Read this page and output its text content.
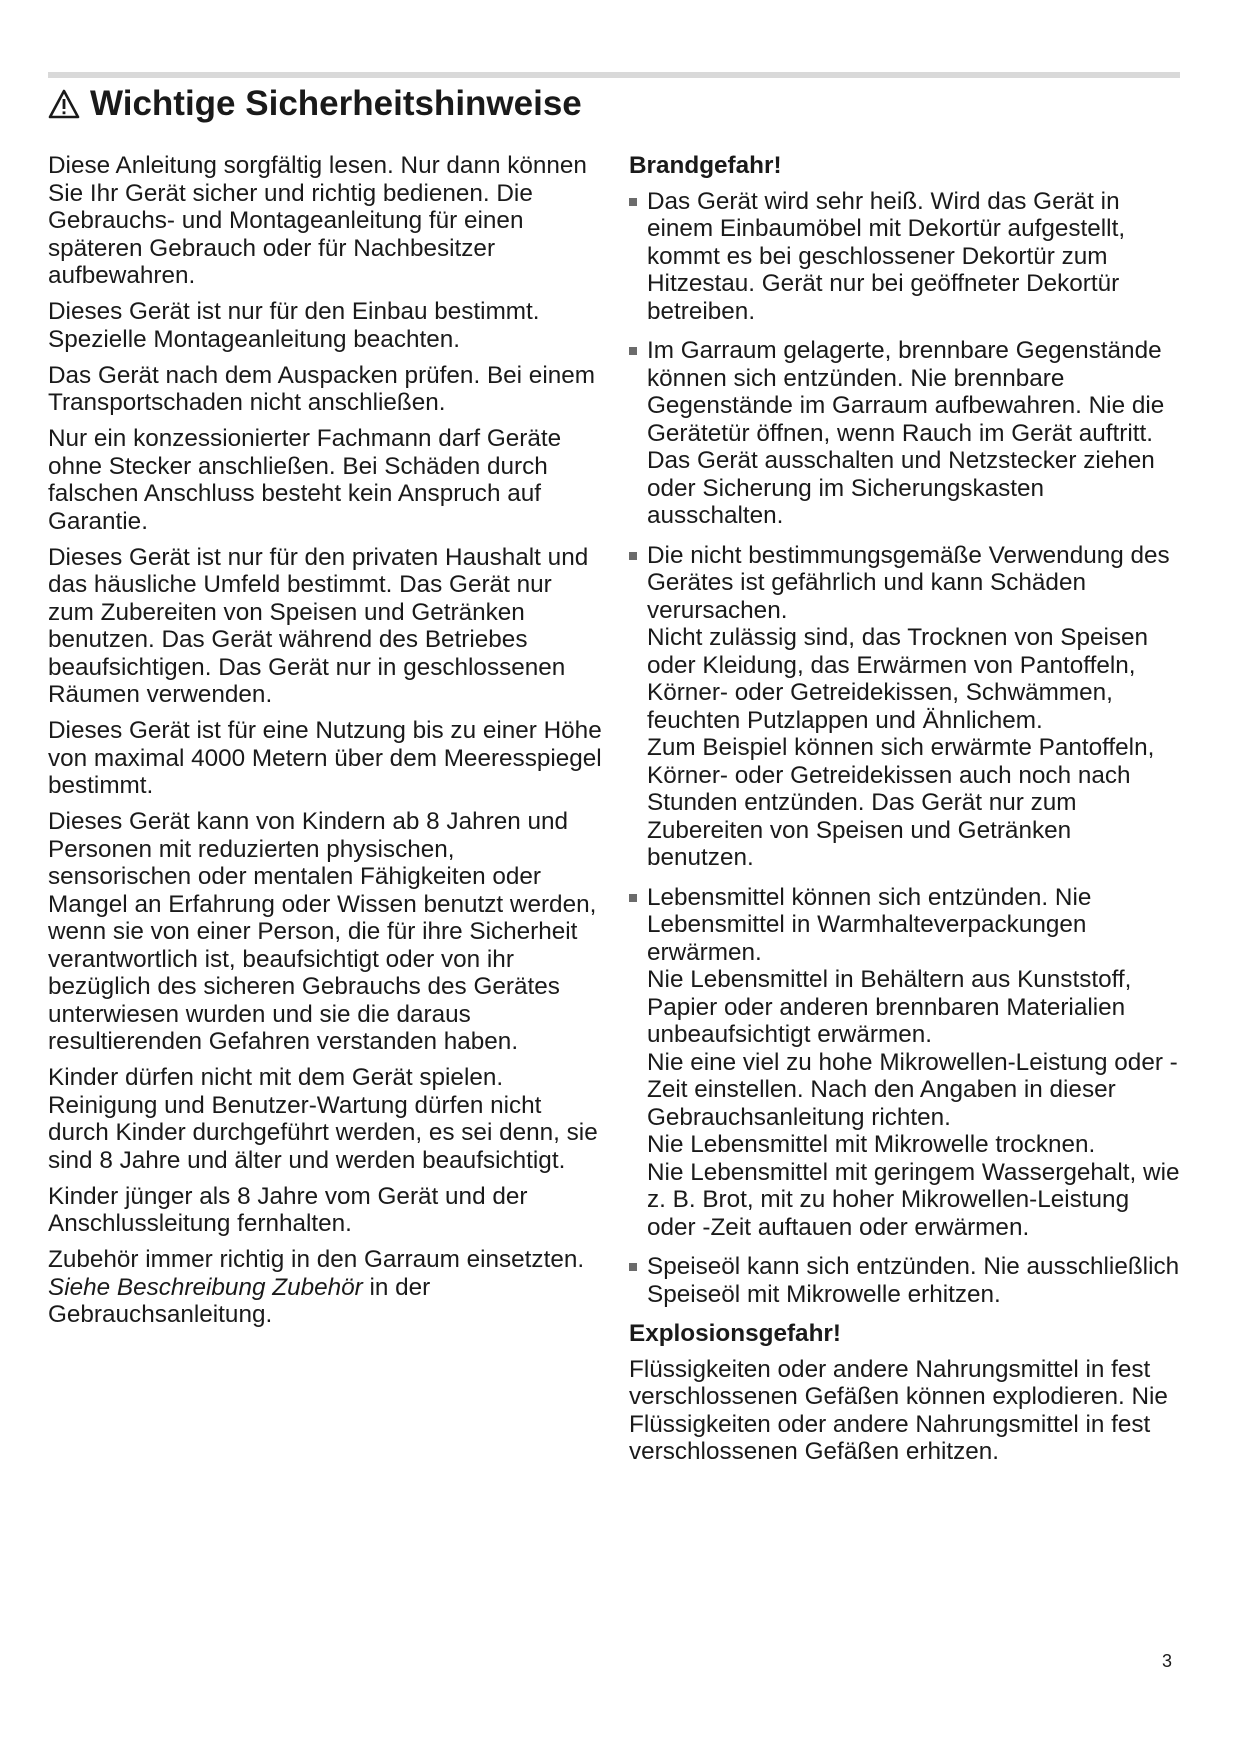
Wichtige Sicherheitshinweise

Diese Anleitung sorgfältig lesen. Nur dann können Sie Ihr Gerät sicher und richtig bedienen. Die Gebrauchs- und Montageanleitung für einen späteren Gebrauch oder für Nachbesitzer aufbewahren.

Dieses Gerät ist nur für den Einbau bestimmt. Spezielle Montageanleitung beachten.

Das Gerät nach dem Auspacken prüfen. Bei einem Transportschaden nicht anschließen.

Nur ein konzessionierter Fachmann darf Geräte ohne Stecker anschließen. Bei Schäden durch falschen Anschluss besteht kein Anspruch auf Garantie.

Dieses Gerät ist nur für den privaten Haushalt und das häusliche Umfeld bestimmt. Das Gerät nur zum Zubereiten von Speisen und Getränken benutzen. Das Gerät während des Betriebes beaufsichtigen. Das Gerät nur in geschlossenen Räumen verwenden.

Dieses Gerät ist für eine Nutzung bis zu einer Höhe von maximal 4000 Metern über dem Meeresspiegel bestimmt.

Dieses Gerät kann von Kindern ab 8 Jahren und Personen mit reduzierten physischen, sensorischen oder mentalen Fähigkeiten oder Mangel an Erfahrung oder Wissen benutzt werden, wenn sie von einer Person, die für ihre Sicherheit verantwortlich ist, beaufsichtigt oder von ihr bezüglich des sicheren Gebrauchs des Gerätes unterwiesen wurden und sie die daraus resultierenden Gefahren verstanden haben.

Kinder dürfen nicht mit dem Gerät spielen. Reinigung und Benutzer-Wartung dürfen nicht durch Kinder durchgeführt werden, es sei denn, sie sind 8 Jahre und älter und werden beaufsichtigt.

Kinder jünger als 8 Jahre vom Gerät und der Anschlussleitung fernhalten.

Zubehör immer richtig in den Garraum einsetzten. Siehe Beschreibung Zubehör in der Gebrauchsanleitung.

Brandgefahr!
Das Gerät wird sehr heiß. Wird das Gerät in einem Einbaumöbel mit Dekortür aufgestellt, kommt es bei geschlossener Dekortür zum Hitzestau. Gerät nur bei geöffneter Dekortür betreiben.
Im Garraum gelagerte, brennbare Gegenstände können sich entzünden. Nie brennbare Gegenstände im Garraum aufbewahren. Nie die Gerätetür öffnen, wenn Rauch im Gerät auftritt. Das Gerät ausschalten und Netzstecker ziehen oder Sicherung im Sicherungskasten ausschalten.
Die nicht bestimmungsgemäße Verwendung des Gerätes ist gefährlich und kann Schäden verursachen.
Nicht zulässig sind, das Trocknen von Speisen oder Kleidung, das Erwärmen von Pantoffeln, Körner- oder Getreidekissen, Schwämmen, feuchten Putzlappen und Ähnlichem.
Zum Beispiel können sich erwärmte Pantoffeln, Körner- oder Getreidekissen auch noch nach Stunden entzünden. Das Gerät nur zum Zubereiten von Speisen und Getränken benutzen.
Lebensmittel können sich entzünden. Nie Lebensmittel in Warmhalteverpackungen erwärmen.
Nie Lebensmittel in Behältern aus Kunststoff, Papier oder anderen brennbaren Materialien unbeaufsichtigt erwärmen.
Nie eine viel zu hohe Mikrowellen-Leistung oder -Zeit einstellen. Nach den Angaben in dieser Gebrauchsanleitung richten.
Nie Lebensmittel mit Mikrowelle trocknen.
Nie Lebensmittel mit geringem Wassergehalt, wie z. B. Brot, mit zu hoher Mikrowellen-Leistung oder -Zeit auftauen oder erwärmen.
Speiseöl kann sich entzünden. Nie ausschließlich Speiseöl mit Mikrowelle erhitzen.
Explosionsgefahr!

Flüssigkeiten oder andere Nahrungsmittel in fest verschlossenen Gefäßen können explodieren. Nie Flüssigkeiten oder andere Nahrungsmittel in fest verschlossenen Gefäßen erhitzen.

3
